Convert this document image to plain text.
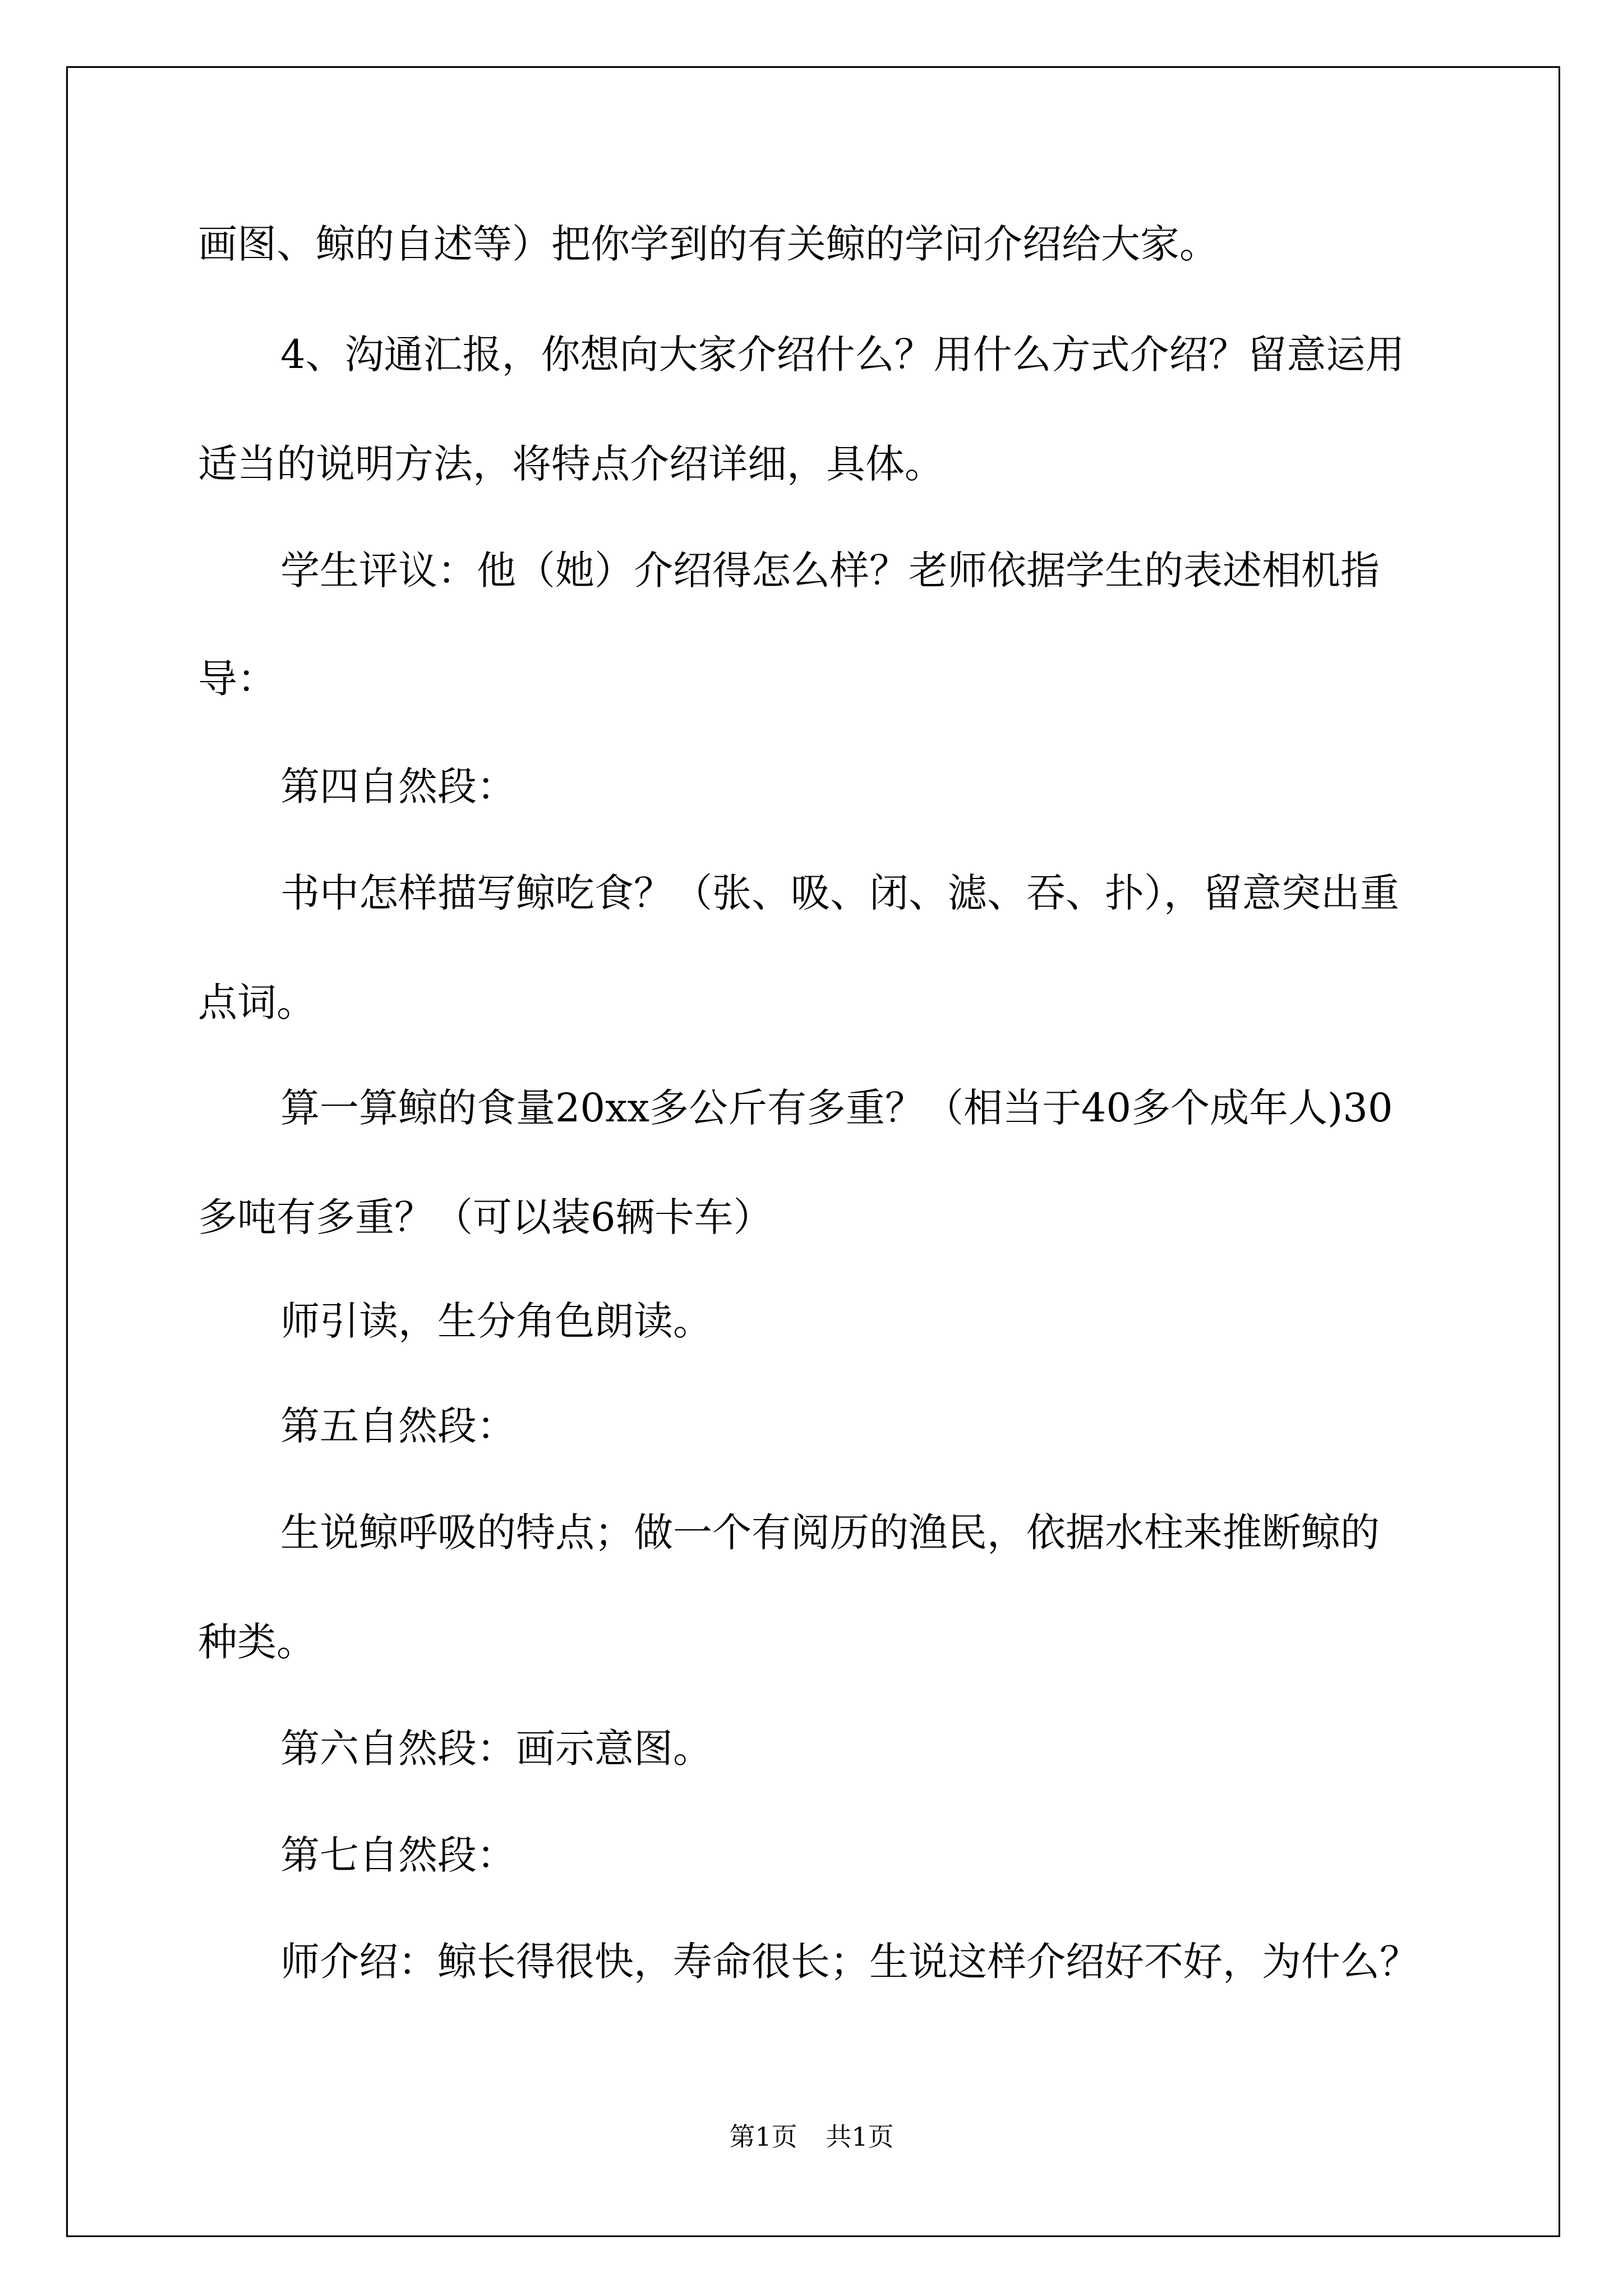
画图、鲸的自述等）把你学到的有关鲸的学问介绍给大家。

4、沟通汇报，你想向大家介绍什么？用什么方式介绍？留意运用

适当的说明方法，将特点介绍详细，具体。

学生评议：他（她）介绍得怎么样？老师依据学生的表述相机指

导：

第四自然段：

书中怎样描写鲸吃食？（张、吸、闭、滤、吞、扑），留意突出重

点词。

算一算鲸的食量20xx多公斤有多重？（相当于40多个成年人)30

多吨有多重？（可以装6辆卡车）

师引读，生分角色朗读。

第五自然段：

生说鲸呼吸的特点；做一个有阅历的渔民，依据水柱来推断鲸的

种类。

第六自然段：画示意图。

第七自然段：

师介绍：鲸长得很快，寿命很长；生说这样介绍好不好，为什么？

第1页 共1页
